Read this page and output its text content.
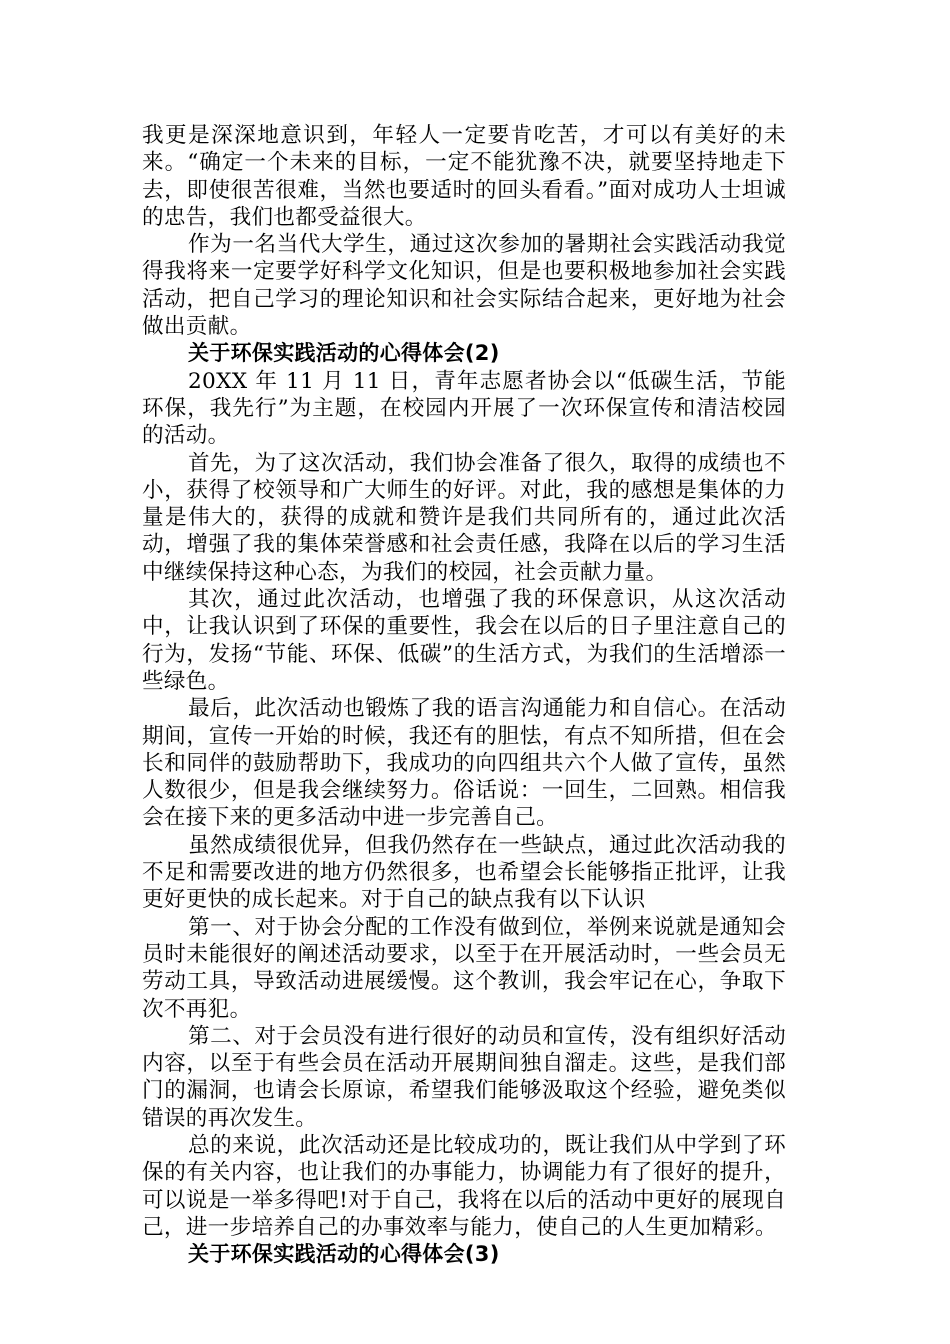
我更是深深地意识到，年轻人一定要肯吃苦，才可以有美好的未来。“确定一个未来的目标，一定不能犹豫不决，就要坚持地走下去，即使很苦很难，当然也要适时的回头看看。”面对成功人士坦诚的忠告，我们也都受益很大。

作为一名当代大学生，通过这次参加的暑期社会实践活动我觉得我将来一定要学好科学文化知识，但是也要积极地参加社会实践活动，把自己学习的理论知识和社会实际结合起来，更好地为社会做出贡献。

关于环保实践活动的心得体会(2)

20XX 年 11 月 11 日，青年志愿者协会以“低碳生活，节能环保，我先行”为主题，在校园内开展了一次环保宣传和清洁校园的活动。

首先，为了这次活动，我们协会准备了很久，取得的成绩也不小，获得了校领导和广大师生的好评。对此，我的感想是集体的力量是伟大的，获得的成就和赞许是我们共同所有的，通过此次活动，增强了我的集体荣誉感和社会责任感，我降在以后的学习生活中继续保持这种心态，为我们的校园，社会贡献力量。

其次，通过此次活动，也增强了我的环保意识，从这次活动中，让我认识到了环保的重要性，我会在以后的日子里注意自己的行为，发扬“节能、环保、低碳”的生活方式，为我们的生活增添一些绿色。

最后，此次活动也锻炼了我的语言沟通能力和自信心。在活动期间，宣传一开始的时候，我还有的胆怯，有点不知所措，但在会长和同伴的鼓励帮助下，我成功的向四组共六个人做了宣传，虽然人数很少，但是我会继续努力。俗话说：一回生，二回熟。相信我会在接下来的更多活动中进一步完善自己。

虽然成绩很优异，但我仍然存在一些缺点，通过此次活动我的不足和需要改进的地方仍然很多，也希望会长能够指正批评，让我更好更快的成长起来。对于自己的缺点我有以下认识

第一、对于协会分配的工作没有做到位，举例来说就是通知会员时未能很好的阐述活动要求，以至于在开展活动时，一些会员无劳动工具，导致活动进展缓慢。这个教训，我会牢记在心，争取下次不再犯。

第二、对于会员没有进行很好的动员和宣传，没有组织好活动内容，以至于有些会员在活动开展期间独自溜走。这些，是我们部门的漏洞，也请会长原谅，希望我们能够汲取这个经验，避免类似错误的再次发生。

总的来说，此次活动还是比较成功的，既让我们从中学到了环保的有关内容，也让我们的办事能力，协调能力有了很好的提升，可以说是一举多得吧!对于自己，我将在以后的活动中更好的展现自己，进一步培养自己的办事效率与能力，使自己的人生更加精彩。

关于环保实践活动的心得体会(3)
